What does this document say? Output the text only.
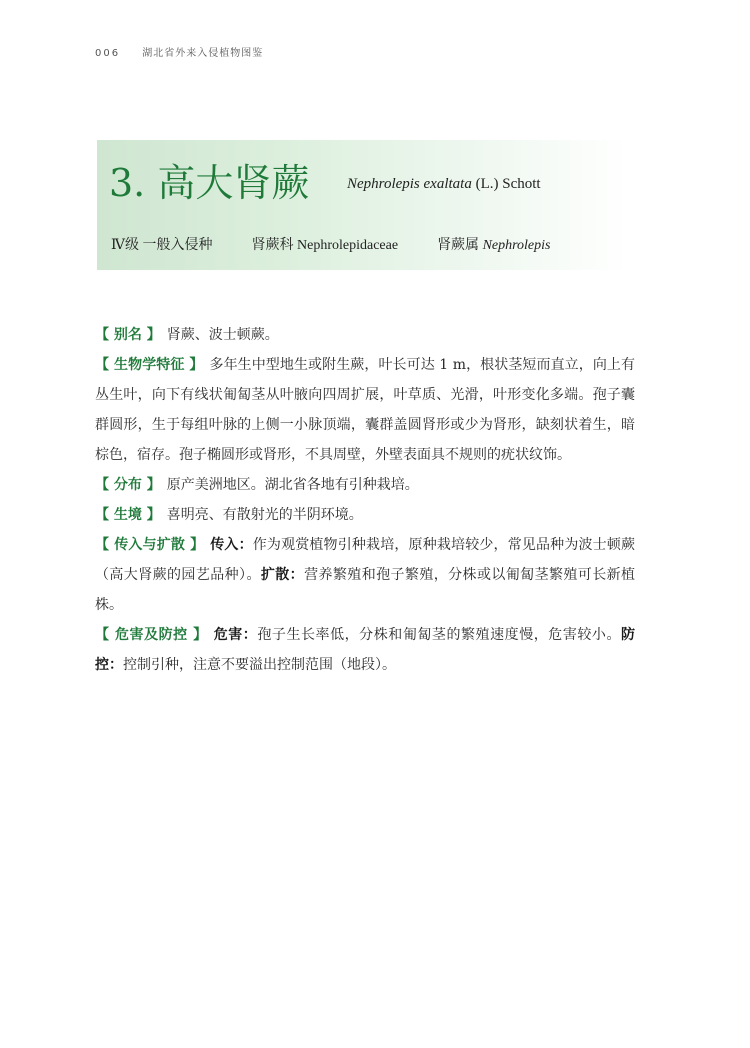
006 湖北省外来入侵植物图鉴
3. 高大肾蕨	Nephrolepis exaltata (L.) Schott
Ⅳ级 一般入侵种	肾蕨科 Nephrolepidaceae	肾蕨属 Nephrolepis

【 别名 】 肾蕨、波士顿蕨。

【 生物学特征 】 多年生中型地生或附生蕨，叶长可达 1 m，根状茎短而直立，向上有丛生叶，向下有线状匍匐茎从叶腋向四周扩展，叶草质、光滑，叶形变化多端。孢子囊群圆形，生于每组叶脉的上侧一小脉顶端，囊群盖圆肾形或少为肾形，缺刻状着生，暗棕色，宿存。孢子椭圆形或肾形，不具周壁，外壁表面具不规则的疣状纹饰。

【 分布 】 原产美洲地区。湖北省各地有引种栽培。

【 生境 】 喜明亮、有散射光的半阴环境。

【 传入与扩散 】 传入：作为观赏植物引种栽培，原种栽培较少，常见品种为波士顿蕨（高大肾蕨的园艺品种）。扩散：营养繁殖和孢子繁殖，分株或以匍匐茎繁殖可长新植株。

【 危害及防控 】 危害：孢子生长率低，分株和匍匐茎的繁殖速度慢，危害较小。防控：控制引种，注意不要溢出控制范围（地段）。
